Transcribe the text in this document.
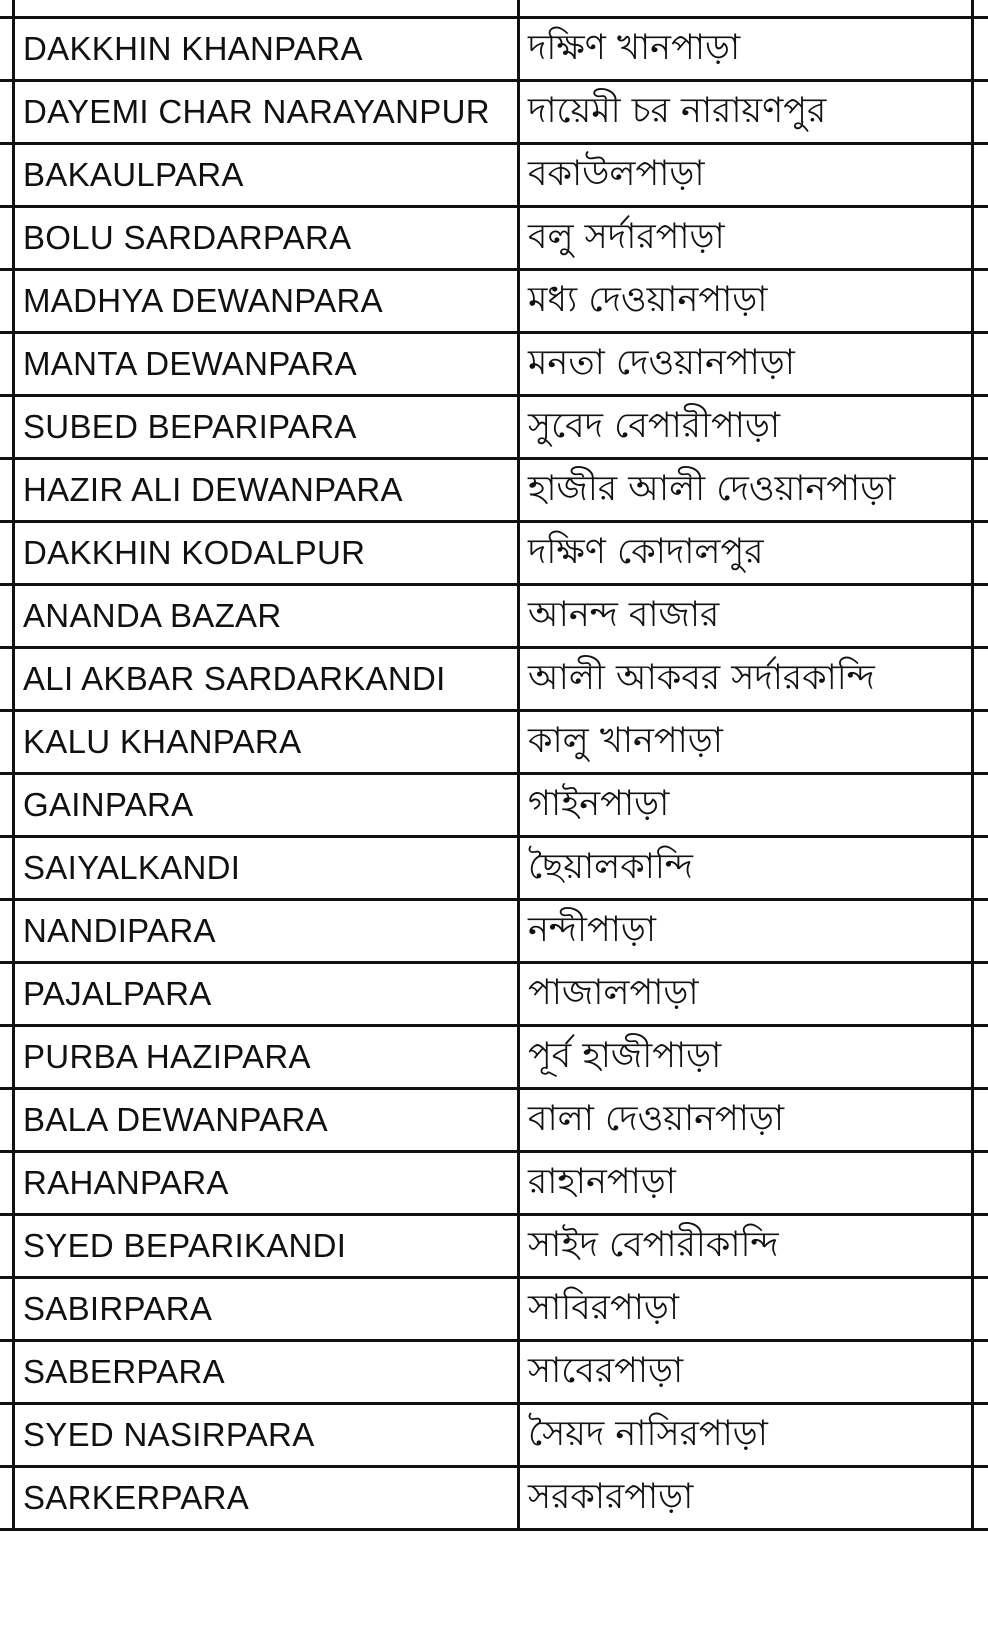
	DAKKHIN KHANPARA	দক্ষিণ খানপাড়া	
	DAYEMI CHAR NARAYANPUR	দায়েমী চর নারায়ণপুর	
	BAKAULPARA	বকাউলপাড়া	
	BOLU SARDARPARA	বলু সর্দারপাড়া	
	MADHYA DEWANPARA	মধ্য দেওয়ানপাড়া	
	MANTA DEWANPARA	মনতা দেওয়ানপাড়া	
	SUBED BEPARIPARA	সুবেদ বেপারীপাড়া	
	HAZIR ALI DEWANPARA	হাজীর আলী দেওয়ানপাড়া	
	DAKKHIN KODALPUR	দক্ষিণ কোদালপুর	
	ANANDA BAZAR	আনন্দ বাজার	
	ALI AKBAR SARDARKANDI	আলী আকবর সর্দারকান্দি	
	KALU KHANPARA	কালু খানপাড়া	
	GAINPARA	গাইনপাড়া	
	SAIYALKANDI	ছৈয়ালকান্দি	
	NANDIPARA	নন্দীপাড়া	
	PAJALPARA	পাজালপাড়া	
	PURBA HAZIPARA	পূর্ব হাজীপাড়া	
	BALA DEWANPARA	বালা দেওয়ানপাড়া	
	RAHANPARA	রাহানপাড়া	
	SYED BEPARIKANDI	সাইদ বেপারীকান্দি	
	SABIRPARA	সাবিরপাড়া	
	SABERPARA	সাবেরপাড়া	
	SYED NASIRPARA	সৈয়দ নাসিরপাড়া	
	SARKERPARA	সরকারপাড়া	
